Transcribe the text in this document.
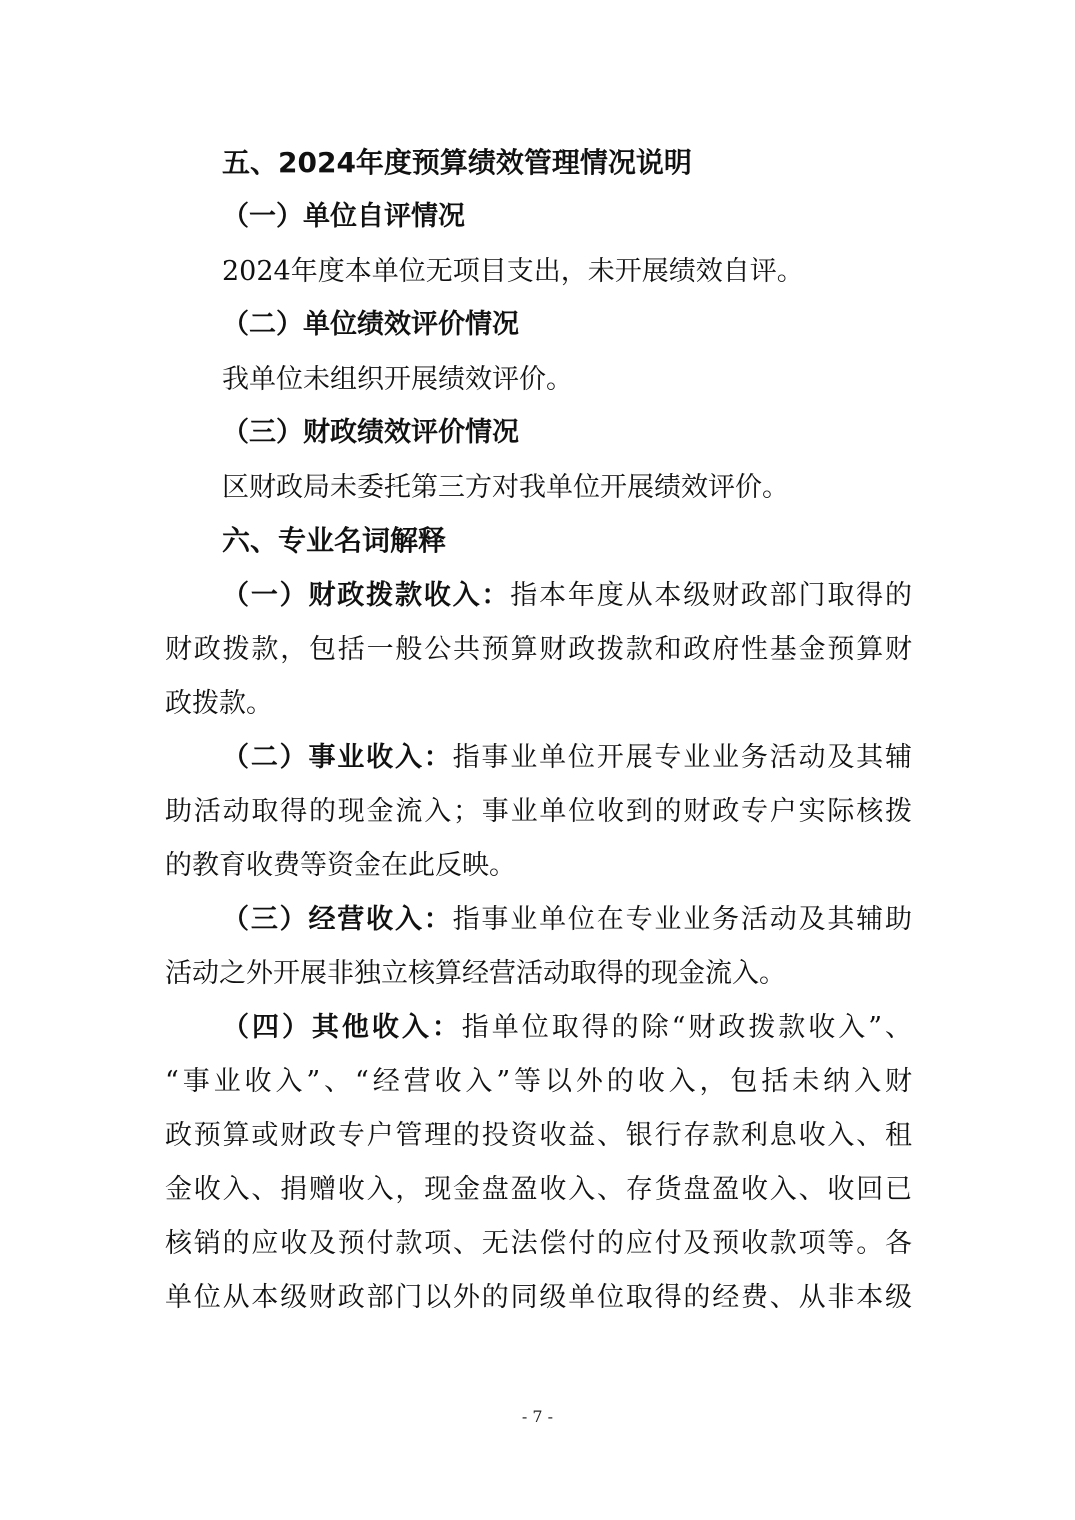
五、2024年度预算绩效管理情况说明
（一）单位自评情况
2024年度本单位无项目支出，未开展绩效自评。
（二）单位绩效评价情况
我单位未组织开展绩效评价。
（三）财政绩效评价情况
区财政局未委托第三方对我单位开展绩效评价。
六、专业名词解释
（一）财政拨款收入：指本年度从本级财政部门取得的
财政拨款，包括一般公共预算财政拨款和政府性基金预算财
政拨款。
（二）事业收入：指事业单位开展专业业务活动及其辅
助活动取得的现金流入；事业单位收到的财政专户实际核拨
的教育收费等资金在此反映。
（三）经营收入：指事业单位在专业业务活动及其辅助
活动之外开展非独立核算经营活动取得的现金流入。
（四）其他收入：指单位取得的除“财政拨款收入”、
“事业收入”、“经营收入”等以外的收入，包括未纳入财
政预算或财政专户管理的投资收益、银行存款利息收入、租
金收入、捐赠收入，现金盘盈收入、存货盘盈收入、收回已
核销的应收及预付款项、无法偿付的应付及预收款项等。各
单位从本级财政部门以外的同级单位取得的经费、从非本级
- 7 -
